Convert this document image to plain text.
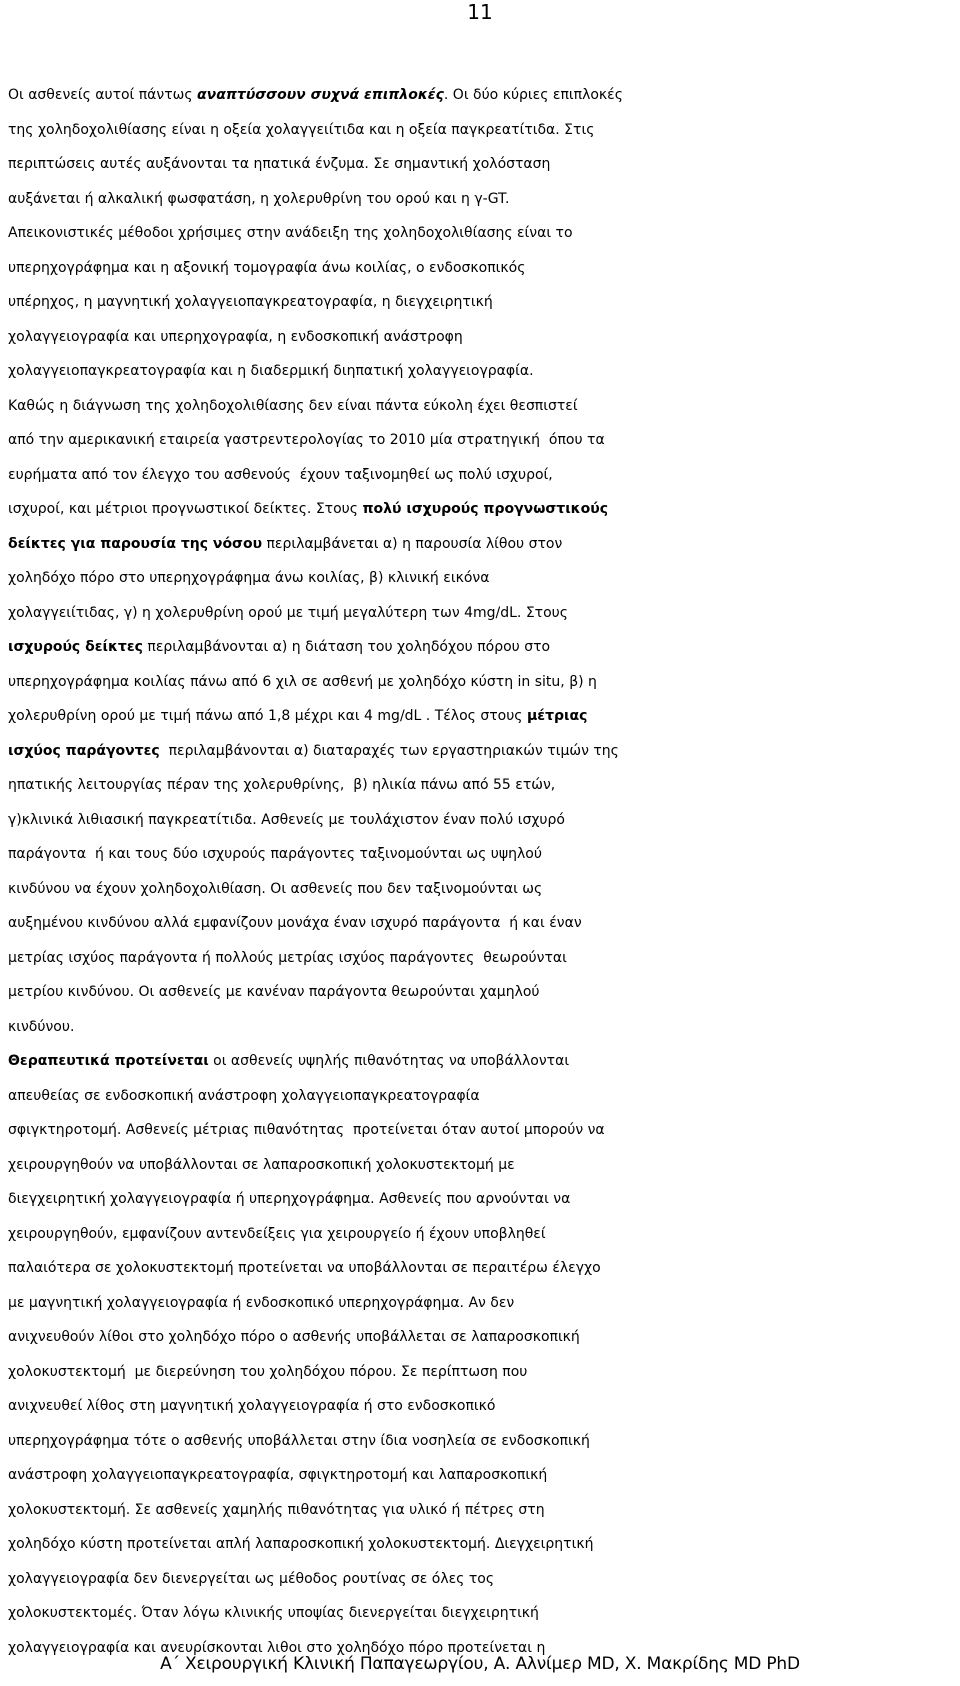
11
Οι ασθενείς αυτοί πάντως αναπτύσσουν συχνά επιπλοκές. Οι δύο κύριες επιπλοκές
της χοληδοχολιθίασης είναι η οξεία χολαγγειίτιδα και η οξεία παγκρεατίτιδα. Στις
περιπτώσεις αυτές αυξάνονται τα ηπατικά ένζυμα. Σε σημαντική χολόσταση
αυξάνεται ή αλκαλική φωσφατάση, η χολερυθρίνη του ορού και η γ-GT.
Απεικονιστικές μέθοδοι χρήσιμες στην ανάδειξη της χοληδοχολιθίασης είναι το
υπερηχογράφημα και η αξονική τομογραφία άνω κοιλίας, ο ενδοσκοπικός
υπέρηχος, η μαγνητική χολαγγειοπαγκρεατογραφία, η διεγχειρητική
χολαγγειογραφία και υπερηχογραφία, η ενδοσκοπική ανάστροφη
χολαγγειοπαγκρεατογραφία και η διαδερμική διηπατική χολαγγειογραφία.
Καθώς η διάγνωση της χοληδοχολιθίασης δεν είναι πάντα εύκολη έχει θεσπιστεί
από την αμερικανική εταιρεία γαστρεντερολογίας το 2010 μία στρατηγική  όπου τα
ευρήματα από τον έλεγχο του ασθενούς  έχουν ταξινομηθεί ως πολύ ισχυροί,
ισχυροί, και μέτριοι προγνωστικοί δείκτες. Στους πολύ ισχυρούς προγνωστικούς
δείκτες για παρουσία της νόσου περιλαμβάνεται α) η παρουσία λίθου στον
χοληδόχο πόρο στο υπερηχογράφημα άνω κοιλίας, β) κλινική εικόνα
χολαγγειίτιδας, γ) η χολερυθρίνη ορού με τιμή μεγαλύτερη των 4mg/dL. Στους
ισχυρούς δείκτες περιλαμβάνονται α) η διάταση του χοληδόχου πόρου στο
υπερηχογράφημα κοιλίας πάνω από 6 χιλ σε ασθενή με χοληδόχο κύστη in situ, β) η
χολερυθρίνη ορού με τιμή πάνω από 1,8 μέχρι και 4 mg/dL . Τέλος στους μέτριας
ισχύος παράγοντες  περιλαμβάνονται α) διαταραχές των εργαστηριακών τιμών της
ηπατικής λειτουργίας πέραν της χολερυθρίνης,  β) ηλικία πάνω από 55 ετών,
γ)κλινικά λιθιασική παγκρεατίτιδα. Ασθενείς με τουλάχιστον έναν πολύ ισχυρό
παράγοντα  ή και τους δύο ισχυρούς παράγοντες ταξινομούνται ως υψηλού
κινδύνου να έχουν χοληδοχολιθίαση. Οι ασθενείς που δεν ταξινομούνται ως
αυξημένου κινδύνου αλλά εμφανίζουν μονάχα έναν ισχυρό παράγοντα  ή και έναν
μετρίας ισχύος παράγοντα ή πολλούς μετρίας ισχύος παράγοντες  θεωρούνται
μετρίου κινδύνου. Οι ασθενείς με κανέναν παράγοντα θεωρούνται χαμηλού
κινδύνου.
Θεραπευτικά προτείνεται οι ασθενείς υψηλής πιθανότητας να υποβάλλονται
απευθείας σε ενδοσκοπική ανάστροφη χολαγγειοπαγκρεατογραφία
σφιγκτηροτομή. Ασθενείς μέτριας πιθανότητας  προτείνεται όταν αυτοί μπορούν να
χειρουργηθούν να υποβάλλονται σε λαπαροσκοπική χολοκυστεκτομή με
διεγχειρητική χολαγγειογραφία ή υπερηχογράφημα. Ασθενείς που αρνούνται να
χειρουργηθούν, εμφανίζουν αντενδείξεις για χειρουργείο ή έχουν υποβληθεί
παλαιότερα σε χολοκυστεκτομή προτείνεται να υποβάλλονται σε περαιτέρω έλεγχο
με μαγνητική χολαγγειογραφία ή ενδοσκοπικό υπερηχογράφημα. Αν δεν
ανιχνευθούν λίθοι στο χοληδόχο πόρο ο ασθενής υποβάλλεται σε λαπαροσκοπική
χολοκυστεκτομή  με διερεύνηση του χοληδόχου πόρου. Σε περίπτωση που
ανιχνευθεί λίθος στη μαγνητική χολαγγειογραφία ή στο ενδοσκοπικό
υπερηχογράφημα τότε ο ασθενής υποβάλλεται στην ίδια νοσηλεία σε ενδοσκοπική
ανάστροφη χολαγγειοπαγκρεατογραφία, σφιγκτηροτομή και λαπαροσκοπική
χολοκυστεκτομή. Σε ασθενείς χαμηλής πιθανότητας για υλικό ή πέτρες στη
χοληδόχο κύστη προτείνεται απλή λαπαροσκοπική χολοκυστεκτομή. Διεγχειρητική
χολαγγειογραφία δεν διενεργείται ως μέθοδος ρουτίνας σε όλες τος
χολοκυστεκτομές. Όταν λόγω κλινικής υποψίας διενεργείται διεγχειρητική
χολαγγειογραφία και ανευρίσκονται λιθοι στο χοληδόχο πόρο προτείνεται η
Α΄ Χειρουργική Κλινική Παπαγεωργίου, Α. Αλνίμερ MD, Χ. Μακρίδης MD PhD
